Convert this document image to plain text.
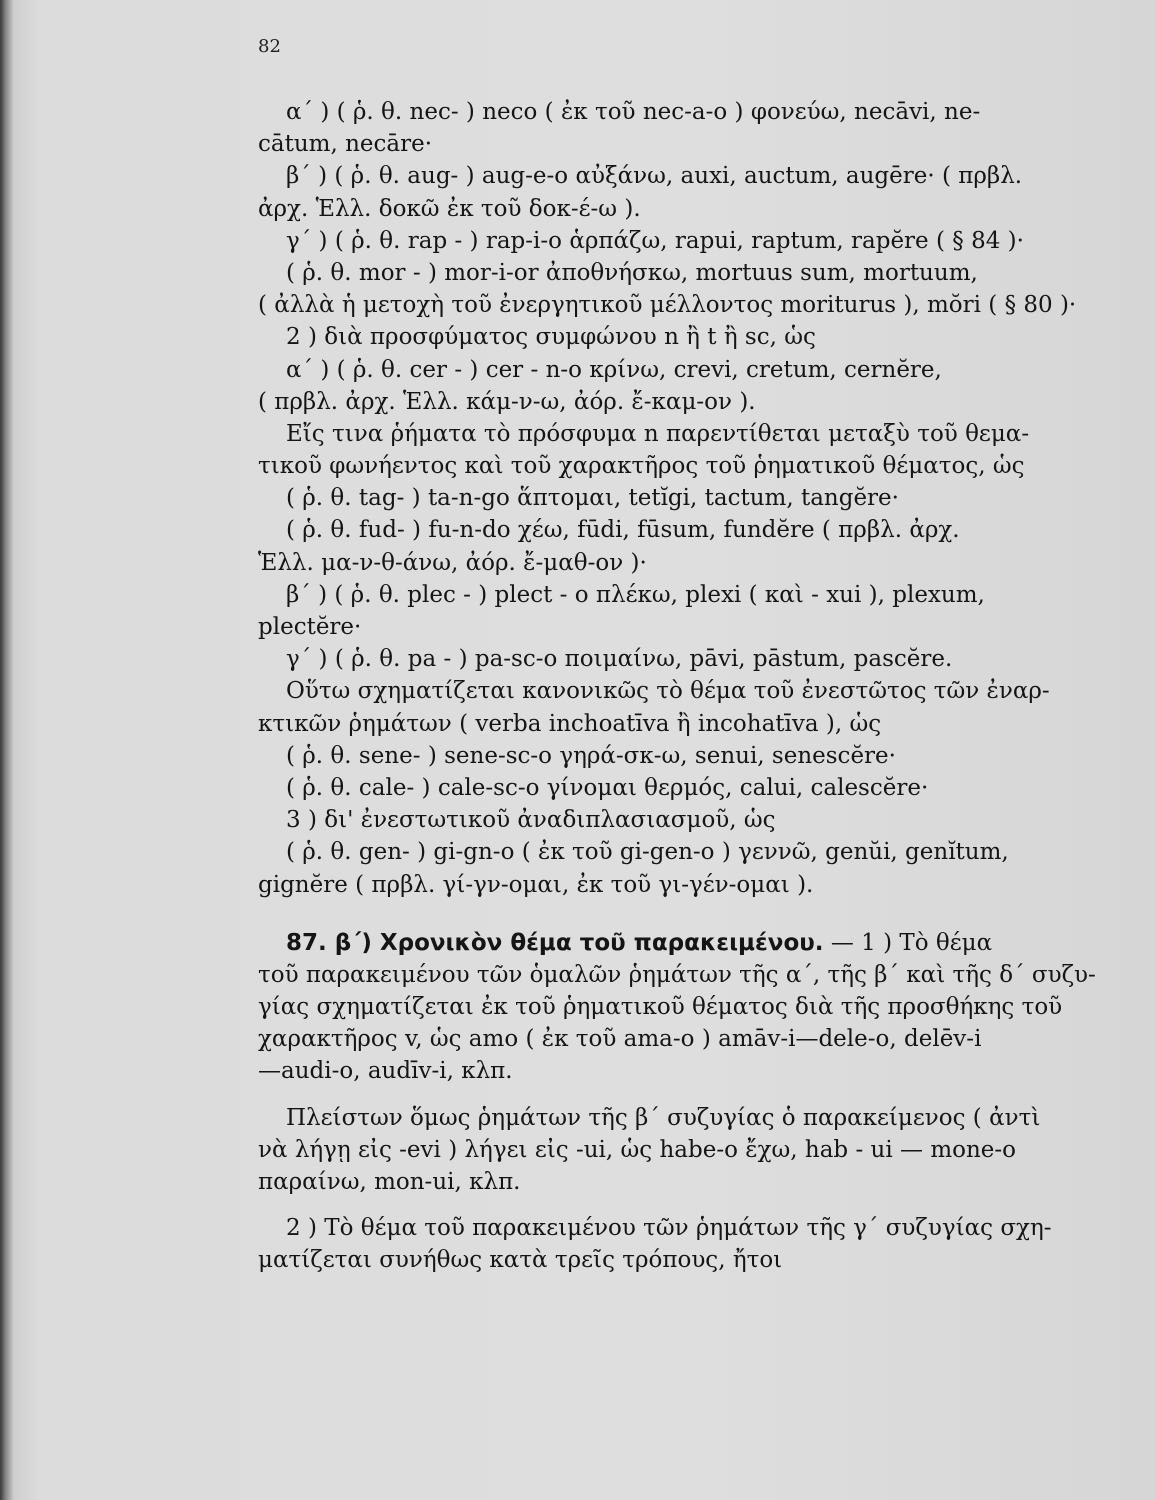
82
α΄ ) ( ῥ. θ. nec- ) neco ( ἐκ τοῦ nec-a-o ) φονεύω, necāvi, ne-
cātum, necāre·
β΄ ) ( ῥ. θ. aug- ) aug-e-o αὐξάνω, auxi, auctum, augēre· ( πρβλ.
ἀρχ. Ἑλλ. δοκῶ ἐκ τοῦ δοκ-έ-ω ).
γ΄ ) ( ῥ. θ. rap - ) rap-i-o ἁρπάζω, rapui, raptum, rapĕre ( § 84 )·
( ῥ. θ. mor - ) mor-i-or ἀποθνήσκω, mortuus sum, mortuum,
( ἀλλὰ ἡ μετοχὴ τοῦ ἐνεργητικοῦ μέλλοντος moriturus ), mŏri ( § 80 )·
2 ) διὰ προσφύματος συμφώνου n ἢ t ἢ sc, ὡς
α΄ ) ( ῥ. θ. cer - ) cer - n-o κρίνω, crevi, cretum, cernĕre,
( πρβλ. ἀρχ. Ἑλλ. κάμ-ν-ω, ἀόρ. ἔ-καμ-ον ).
Εἴς τινα ῥήματα τὸ πρόσφυμα n παρεντίθεται μεταξὺ τοῦ θεμα-
τικοῦ φωνήεντος καὶ τοῦ χαρακτῆρος τοῦ ῥηματικοῦ θέματος, ὡς
( ῥ. θ. tag- ) ta-n-go ἅπτομαι, tetĭgi, tactum, tangĕre·
( ῥ. θ. fud- ) fu-n-do χέω, fūdi, fūsum, fundĕre ( πρβλ. ἀρχ.
Ἑλλ. μα-ν-θ-άνω, ἀόρ. ἔ-μαθ-ον )·
β΄ ) ( ῥ. θ. plec - ) plect - o πλέκω, plexi ( καὶ - xui ), plexum,
plectĕre·
γ΄ ) ( ῥ. θ. pa - ) pa-sc-o ποιμαίνω, pāvi, pāstum, pascĕre.
Οὕτω σχηματίζεται κανονικῶς τὸ θέμα τοῦ ἐνεστῶτος τῶν ἐναρ-
κτικῶν ῥημάτων ( verba inchoatīva ἢ incohatīva ), ὡς
( ῥ. θ. sene- ) sene-sc-o γηρά-σκ-ω, senui, senescĕre·
( ῥ. θ. cale- ) cale-sc-o γίνομαι θερμός, calui, calescĕre·
3 ) δι' ἐνεστωτικοῦ ἀναδιπλασιασμοῦ, ὡς
( ῥ. θ. gen- ) gi-gn-o ( ἐκ τοῦ gi-gen-o ) γεννῶ, genŭi, genĭtum,
gignĕre ( πρβλ. γί-γν-ομαι, ἐκ τοῦ γι-γέν-ομαι ).
87. β΄) Χρονικὸν θέμα τοῦ παρακειμένου. — 1 ) Τὸ θέμα
τοῦ παρακειμένου τῶν ὁμαλῶν ῥημάτων τῆς α΄, τῆς β΄ καὶ τῆς δ΄ συζυ-
γίας σχηματίζεται ἐκ τοῦ ῥηματικοῦ θέματος διὰ τῆς προσθήκης τοῦ
χαρακτῆρος v, ὡς amo ( ἐκ τοῦ ama-o ) amāv-i—dele-o, delēv-i
—audi-o, audīv-i, κλπ.
Πλείστων ὅμως ῥημάτων τῆς β΄ συζυγίας ὁ παρακείμενος ( ἀντὶ
νὰ λήγῃ εἰς -evi ) λήγει εἰς -ui, ὡς habe-o ἔχω, hab - ui — mone-o
παραίνω, mon-ui, κλπ.
2 ) Τὸ θέμα τοῦ παρακειμένου τῶν ῥημάτων τῆς γ΄ συζυγίας σχη-
ματίζεται συνήθως κατὰ τρεῖς τρόπους, ἤτοι
